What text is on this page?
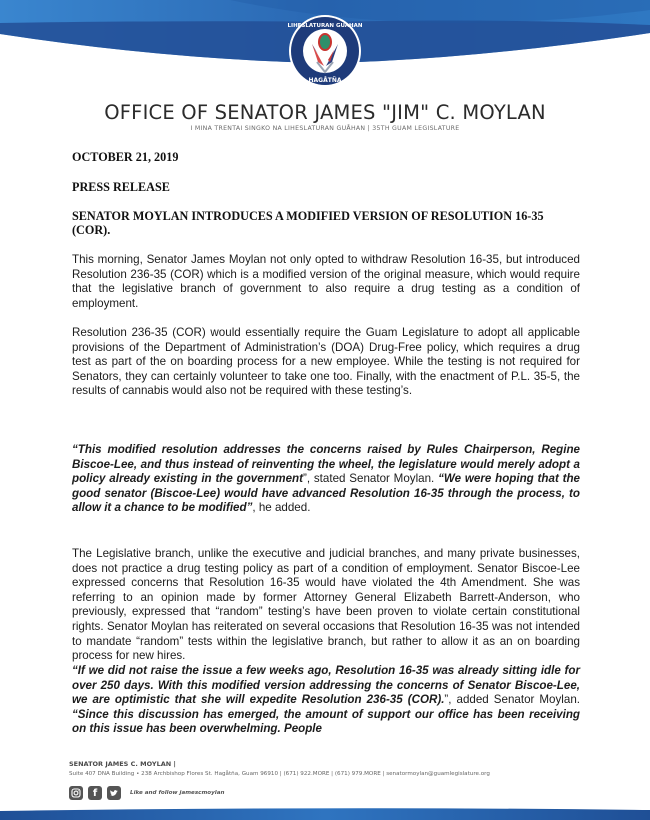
LIHESLATURAN GUAHAN
HAGÅTÑA
OFFICE OF SENATOR JAMES "JIM" C. MOYLAN
I MINA TRENTAI SINGKO NA LIHESLATURAN GUÅHAN | 35TH GUAM LEGISLATURE
OCTOBER 21, 2019
PRESS RELEASE
SENATOR MOYLAN INTRODUCES A MODIFIED VERSION OF RESOLUTION 16-35 (COR).
This morning, Senator James Moylan not only opted to withdraw Resolution 16-35, but introduced Resolution 236-35 (COR) which is a modified version of the original measure, which would require that the legislative branch of government to also require a drug testing as a condition of employment.
Resolution 236-35 (COR) would essentially require the Guam Legislature to adopt all applicable provisions of the Department of Administration’s (DOA) Drug-Free policy, which requires a drug test as part of the on boarding process for a new employee. While the testing is not required for Senators, they can certainly volunteer to take one too. Finally, with the enactment of P.L. 35-5, the results of cannabis would also not be required with these testing’s.
“This modified resolution addresses the concerns raised by Rules Chairperson, Regine Biscoe-Lee, and thus instead of reinventing the wheel, the legislature would merely adopt a policy already existing in the government”, stated Senator Moylan. “We were hoping that the good senator (Biscoe-Lee) would have advanced Resolution 16-35 through the process, to allow it a chance to be modified”, he added.
The Legislative branch, unlike the executive and judicial branches, and many private businesses, does not practice a drug testing policy as part of a condition of employment. Senator Biscoe-Lee expressed concerns that Resolution 16-35 would have violated the 4th Amendment. She was referring to an opinion made by former Attorney General Elizabeth Barrett-Anderson, who previously, expressed that “random” testing’s have been proven to violate certain constitutional rights. Senator Moylan has reiterated on several occasions that Resolution 16-35 was not intended to mandate “random” tests within the legislative branch, but rather to allow it as an on boarding process for new hires.
“If we did not raise the issue a few weeks ago, Resolution 16-35 was already sitting idle for over 250 days. With this modified version addressing the concerns of Senator Biscoe-Lee, we are optimistic that she will expedite Resolution 236-35 (COR).”, added Senator Moylan. “Since this discussion has emerged, the amount of support our office has been receiving on this issue has been overwhelming. People
SENATOR JAMES C. MOYLAN |
Suite 407 DNA Building • 238 Archbishop Flores St. Hagåtña, Guam 96910 | (671) 922.MORE | (671) 979.MORE | senatormoylan@guamlegislature.org
f	Like and follow jamescmoylan
